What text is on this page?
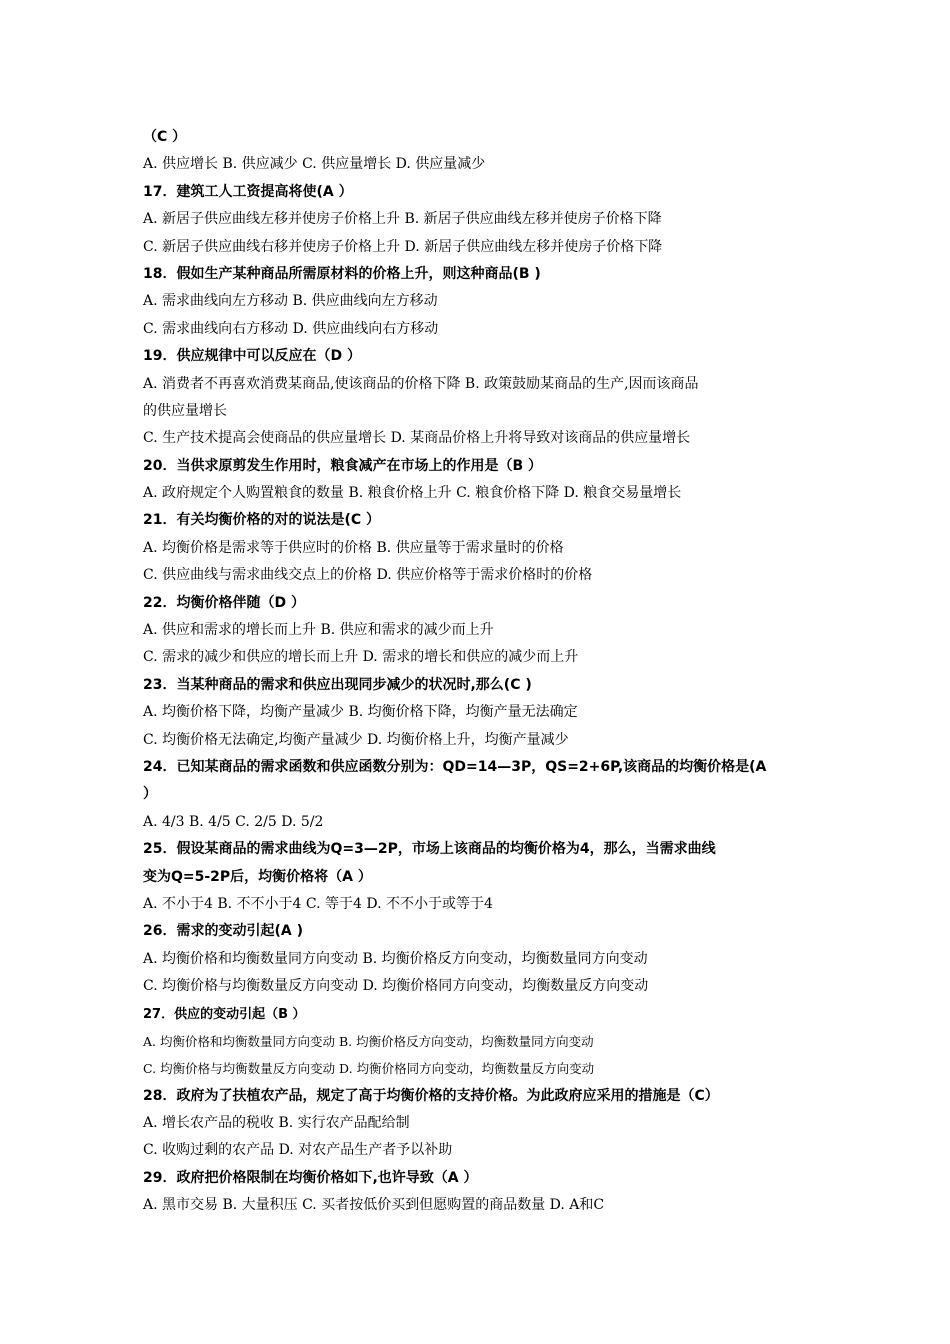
（C ）
A. 供应增长 B. 供应减少 C. 供应量增长 D. 供应量减少
17．建筑工人工资提高将使(A ）
A. 新居子供应曲线左移并使房子价格上升 B. 新居子供应曲线左移并使房子价格下降
C. 新居子供应曲线右移并使房子价格上升 D. 新居子供应曲线左移并使房子价格下降
18．假如生产某种商品所需原材料的价格上升，则这种商品(B )
A. 需求曲线向左方移动 B. 供应曲线向左方移动
C. 需求曲线向右方移动 D. 供应曲线向右方移动
19．供应规律中可以反应在（D ）
A. 消费者不再喜欢消费某商品,使该商品的价格下降 B. 政策鼓励某商品的生产,因而该商品
的供应量增长
C. 生产技术提高会使商品的供应量增长 D. 某商品价格上升将导致对该商品的供应量增长
20．当供求原剪发生作用时，粮食减产在市场上的作用是（B ）
A. 政府规定个人购置粮食的数量 B. 粮食价格上升 C. 粮食价格下降 D. 粮食交易量增长
21．有关均衡价格的对的说法是(C ）
A. 均衡价格是需求等于供应时的价格 B. 供应量等于需求量时的价格
C. 供应曲线与需求曲线交点上的价格 D. 供应价格等于需求价格时的价格
22．均衡价格伴随（D ）
A. 供应和需求的增长而上升 B. 供应和需求的减少而上升
C. 需求的减少和供应的增长而上升 D. 需求的增长和供应的减少而上升
23．当某种商品的需求和供应出现同步减少的状况时,那么(C )
A. 均衡价格下降，均衡产量减少 B. 均衡价格下降，均衡产量无法确定
C. 均衡价格无法确定,均衡产量减少 D. 均衡价格上升，均衡产量减少
24．已知某商品的需求函数和供应函数分别为：QD=14—3P，QS=2+6P,该商品的均衡价格是(A
）
A. 4/3 B. 4/5 C. 2/5 D. 5/2
25．假设某商品的需求曲线为Q=3—2P，市场上该商品的均衡价格为4，那么，当需求曲线
变为Q=5-2P后，均衡价格将（A ）
A. 不小于4 B. 不不小于4 C. 等于4 D. 不不小于或等于4
26．需求的变动引起(A )
A. 均衡价格和均衡数量同方向变动 B. 均衡价格反方向变动，均衡数量同方向变动
C. 均衡价格与均衡数量反方向变动 D. 均衡价格同方向变动，均衡数量反方向变动
27．供应的变动引起（B ）
A. 均衡价格和均衡数量同方向变动 B. 均衡价格反方向变动，均衡数量同方向变动
C. 均衡价格与均衡数量反方向变动 D. 均衡价格同方向变动，均衡数量反方向变动
28．政府为了扶植农产品，规定了高于均衡价格的支持价格。为此政府应采用的措施是（C）
A. 增长农产品的税收 B. 实行农产品配给制
C. 收购过剩的农产品 D. 对农产品生产者予以补助
29．政府把价格限制在均衡价格如下,也许导致（A ）
A. 黑市交易 B. 大量积压 C. 买者按低价买到但愿购置的商品数量 D. A和C
